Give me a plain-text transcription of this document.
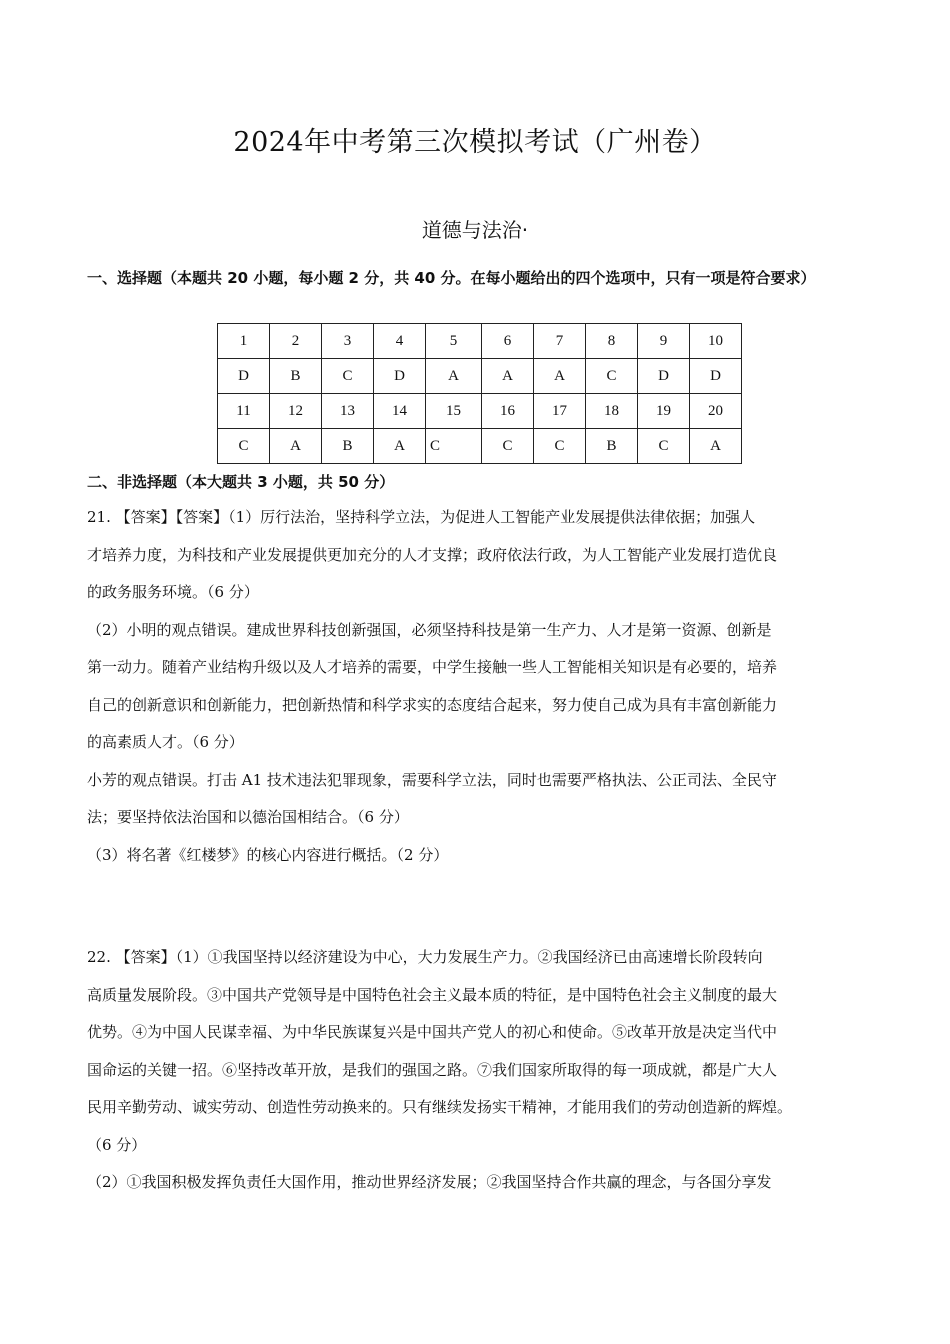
2024年中考第三次模拟考试（广州卷）
道德与法治·
一、选择题（本题共 20 小题，每小题 2 分，共 40 分。在每小题给出的四个选项中，只有一项是符合要求）
1	2	3	4	5	6	7	8	9	10
D	B	C	D	A	A	A	C	D	D
11	12	13	14	15	16	17	18	19	20
C	A	B	A	C	C	C	B	C	A
二、非选择题（本大题共 3 小题，共 50 分）

21. 【答案】【答案】（1）厉行法治，坚持科学立法，为促进人工智能产业发展提供法律依据；加强人

才培养力度，为科技和产业发展提供更加充分的人才支撑；政府依法行政，为人工智能产业发展打造优良

的政务服务环境。（6 分）

（2）小明的观点错误。建成世界科技创新强国，必须坚持科技是第一生产力、人才是第一资源、创新是

第一动力。随着产业结构升级以及人才培养的需要，中学生接触一些人工智能相关知识是有必要的，培养

自己的创新意识和创新能力，把创新热情和科学求实的态度结合起来，努力使自己成为具有丰富创新能力

的高素质人才。（6 分）

小芳的观点错误。打击 A1 技术违法犯罪现象，需要科学立法，同时也需要严格执法、公正司法、全民守

法；要坚持依法治国和以德治国相结合。（6 分）

（3）将名著《红楼梦》的核心内容进行概括。（2 分）

22. 【答案】（1）①我国坚持以经济建设为中心，大力发展生产力。②我国经济已由高速增长阶段转向

高质量发展阶段。③中国共产党领导是中国特色社会主义最本质的特征，是中国特色社会主义制度的最大

优势。④为中国人民谋幸福、为中华民族谋复兴是中国共产党人的初心和使命。⑤改革开放是决定当代中

国命运的关键一招。⑥坚持改革开放，是我们的强国之路。⑦我们国家所取得的每一项成就，都是广大人

民用辛勤劳动、诚实劳动、创造性劳动换来的。只有继续发扬实干精神，才能用我们的劳动创造新的辉煌。

（6 分）

（2）①我国积极发挥负责任大国作用，推动世界经济发展；②我国坚持合作共赢的理念，与各国分享发
